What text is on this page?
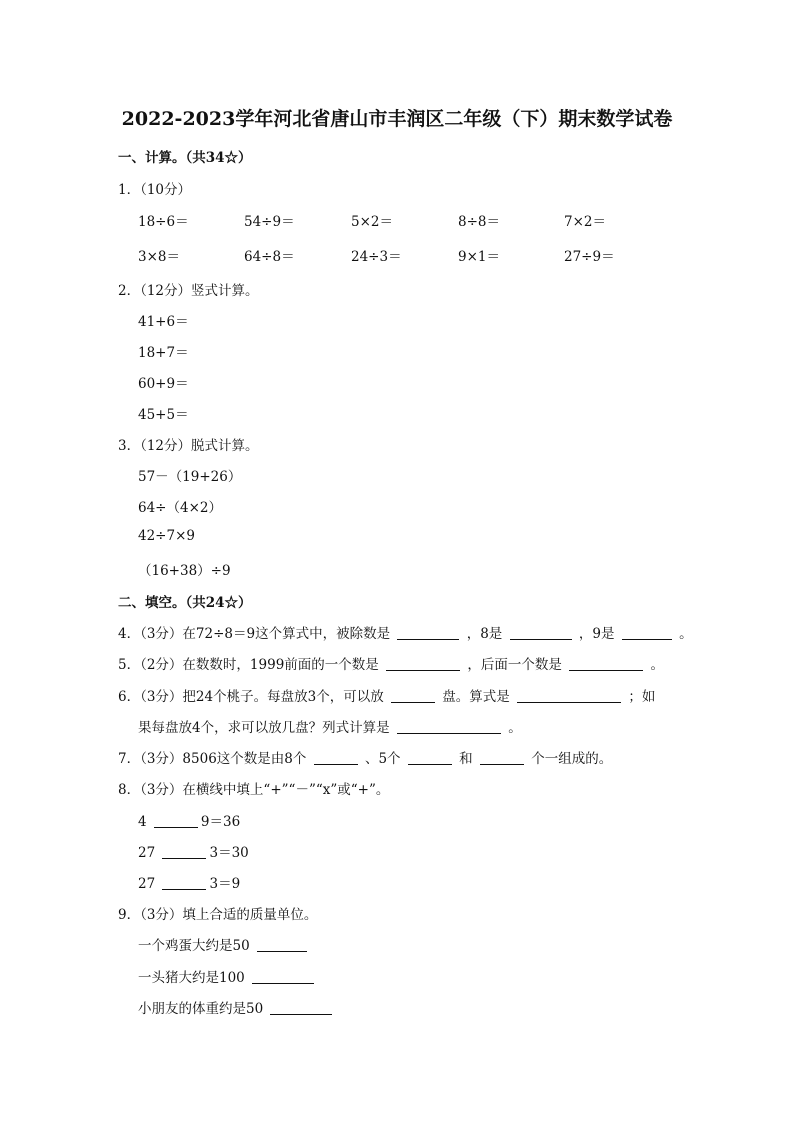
2022-2023学年河北省唐山市丰润区二年级（下）期末数学试卷
一、计算。（共34☆）
1．（10分）
18÷6＝	54÷9＝	5×2＝	8÷8＝	7×2＝
3×8＝	64÷8＝	24÷3＝	9×1＝	27÷9＝
2．（12分）竖式计算。
41+6＝
18+7＝
60+9＝
45+5＝
3．（12分）脱式计算。
57－（19+26）
64÷（4×2）
42÷7×9
（16+38）÷9
二、填空。（共24☆）
4．（3分）在72÷8＝9这个算式中，被除数是	，8是	，9是	。
5．（2分）在数数时，1999前面的一个数是	，后面一个数是	。
6．（3分）把24个桃子。每盘放3个，可以放	盘。算式是	；如
果每盘放4个，求可以放几盘？列式计算是	。
7．（3分）8506这个数是由8个	、5个	和	个一组成的。
8．（3分）在横线中填上“+”“－”“x”或“+”。
4	9＝36
27	3＝30
27	3＝9
9．（3分）填上合适的质量单位。
一个鸡蛋大约是50
一头猪大约是100
小朋友的体重约是50
